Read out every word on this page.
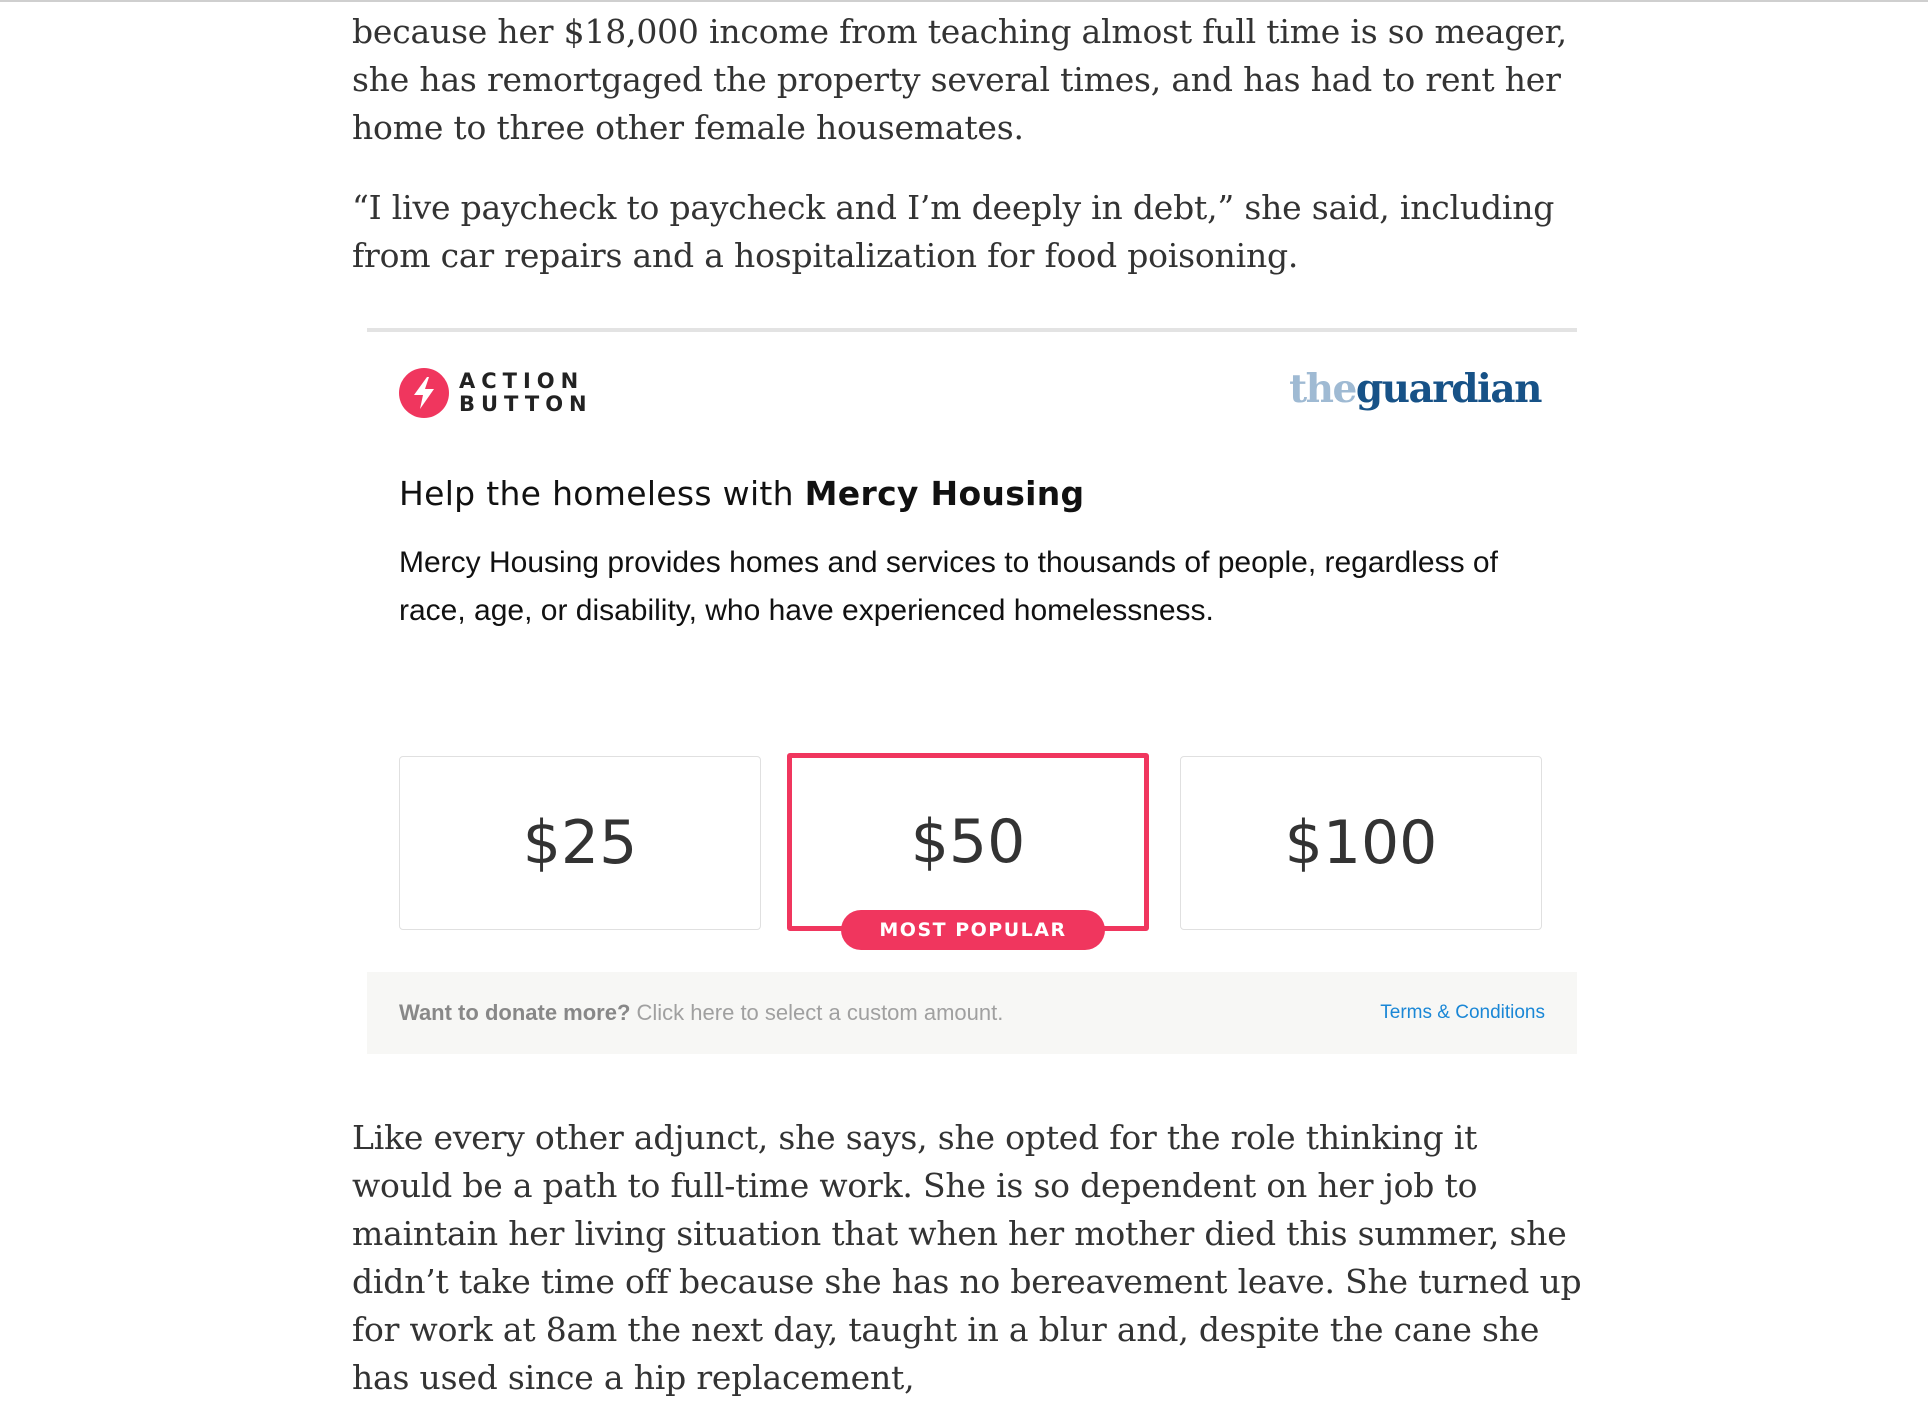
because her $18,000 income from teaching almost full time is so meager, she has remortgaged the property several times, and has had to rent her home to three other female housemates.

“I live paycheck to paycheck and I’m deeply in debt,” she said, including from car repairs and a hospitalization for food poisoning.

ACTION
BUTTON	theguardian
Help the homeless with Mercy Housing

Mercy Housing provides homes and services to thousands of people, regardless of race, age, or disability, who have experienced homelessness.

$25	$50	$100
MOST POPULAR
Want to donate more? Click here to select a custom amount.	Terms & Conditions

Like every other adjunct, she says, she opted for the role thinking it would be a path to full-time work. She is so dependent on her job to maintain her living situation that when her mother died this summer, she didn’t take time off because she has no bereavement leave. She turned up for work at 8am the next day, taught in a blur and, despite the cane she has used since a hip replacement,
